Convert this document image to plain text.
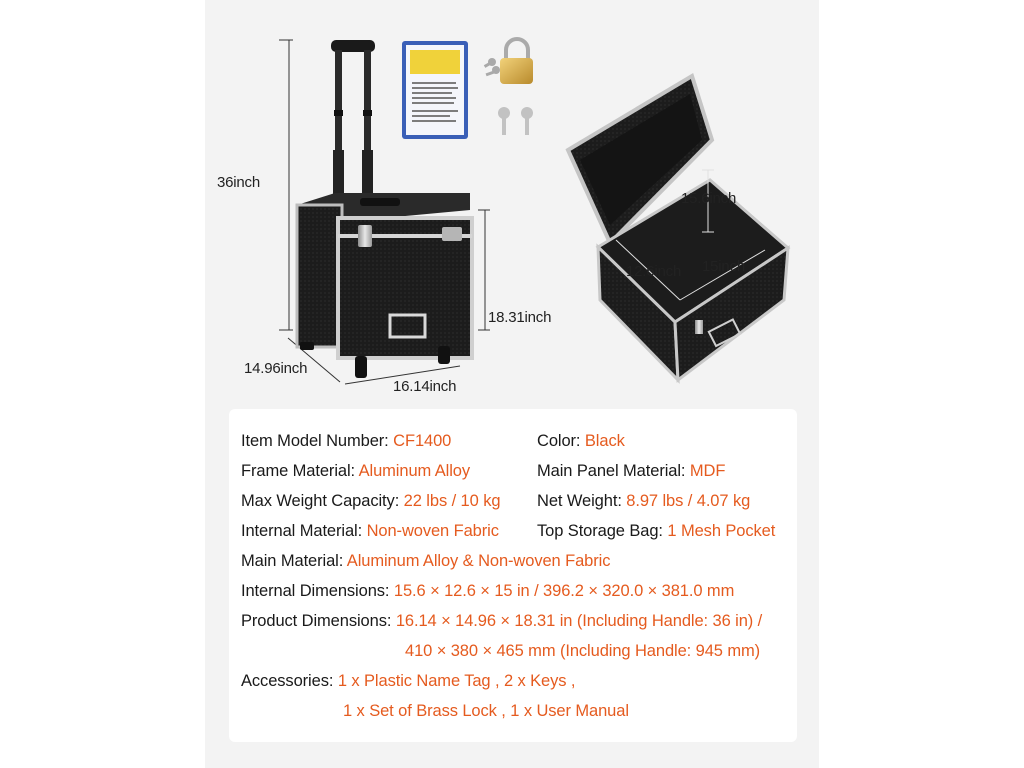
36inch
18.31inch
14.96inch
16.14inch
15.6inch
12.6inch 15inch
Item Model Number: CF1400	Color: Black
Frame Material: Aluminum Alloy	Main Panel Material: MDF
Max Weight Capacity: 22 lbs / 10 kg Net Weight: 8.97 lbs / 4.07 kg
Internal Material: Non-woven Fabric Top Storage Bag: 1 Mesh Pocket
Main Material: Aluminum Alloy & Non-woven Fabric
Internal Dimensions: 15.6 × 12.6 × 15 in / 396.2 × 320.0 × 381.0 mm
Product Dimensions: 16.14 × 14.96 × 18.31 in (Including Handle: 36 in) /
410 × 380 × 465 mm (Including Handle: 945 mm)
Accessories: 1 x Plastic Name Tag , 2 x Keys ,
1 x Set of Brass Lock , 1 x User Manual
